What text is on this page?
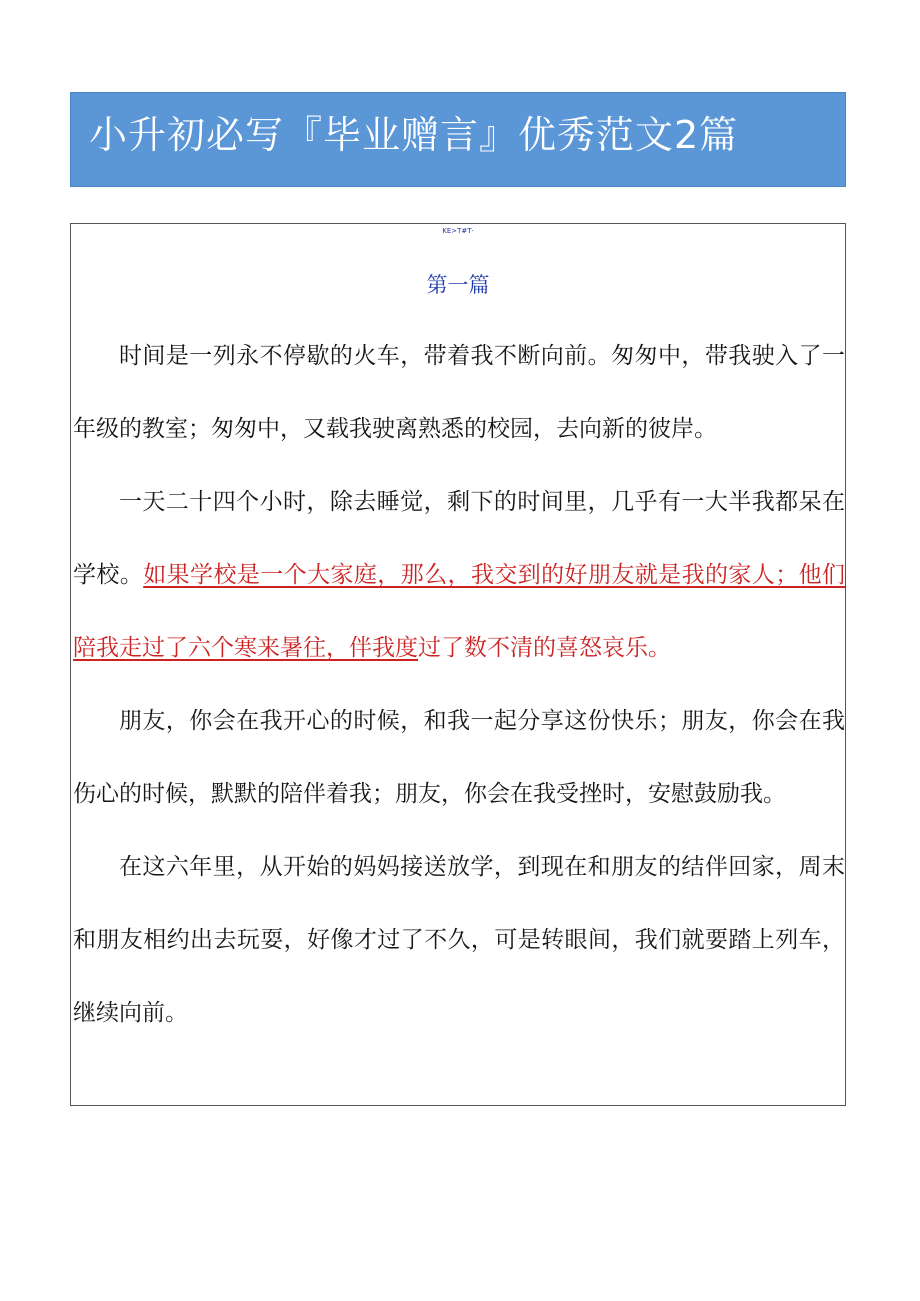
小升初必写『毕业赠言』优秀范文2篇
KE>T#T·
第一篇

时间是一列永不停歇的火车，带着我不断向前。匆匆中，带我驶入了一年级的教室；匆匆中，又载我驶离熟悉的校园，去向新的彼岸。

一天二十四个小时，除去睡觉，剩下的时间里，几乎有一大半我都呆在学校。如果学校是一个大家庭，那么，我交到的好朋友就是我的家人；他们陪我走过了六个寒来暑往，伴我度过了数不清的喜怒哀乐。

朋友，你会在我开心的时候，和我一起分享这份快乐；朋友，你会在我伤心的时候，默默的陪伴着我；朋友，你会在我受挫时，安慰鼓励我。

在这六年里，从开始的妈妈接送放学，到现在和朋友的结伴回家，周末和朋友相约出去玩耍，好像才过了不久，可是转眼间，我们就要踏上列车，继续向前。
